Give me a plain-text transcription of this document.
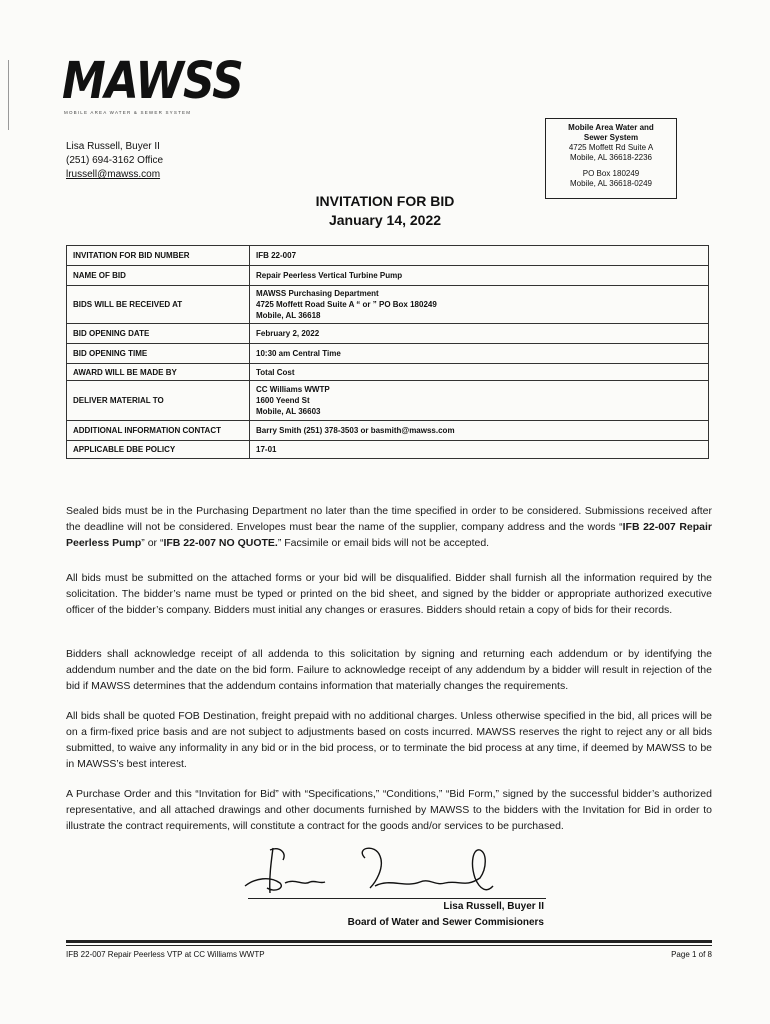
MAWSS
MOBILE AREA WATER & SEWER SYSTEM
Lisa Russell, Buyer II
(251) 694-3162 Office
lrussell@mawss.com
Mobile Area Water and
Sewer System
4725 Moffett Rd Suite A
Mobile, AL 36618-2236
PO Box 180249
Mobile, AL 36618-0249
INVITATION FOR BID
January 14, 2022
INVITATION FOR BID NUMBER	IFB 22-007

NAME OF BID	Repair Peerless Vertical Turbine Pump

BIDS WILL BE RECEIVED AT	MAWSS Purchasing Department
4725 Moffett Road Suite A “ or ” PO Box 180249
Mobile, AL 36618

BID OPENING DATE	February 2, 2022

BID OPENING TIME	10:30 am Central Time

AWARD WILL BE MADE BY	Total Cost

DELIVER MATERIAL TO	CC Williams WWTP
1600 Yeend St
Mobile, AL 36603

ADDITIONAL INFORMATION CONTACT	Barry Smith (251) 378-3503 or basmith@mawss.com

APPLICABLE DBE POLICY	17-01
Sealed bids must be in the Purchasing Department no later than the time specified in order to be considered. Submissions received after the deadline will not be considered. Envelopes must bear the name of the supplier, company address and the words “IFB 22-007 Repair Peerless Pump” or “IFB 22-007 NO QUOTE.” Facsimile or email bids will not be accepted.
All bids must be submitted on the attached forms or your bid will be disqualified. Bidder shall furnish all the information required by the solicitation. The bidder’s name must be typed or printed on the bid sheet, and signed by the bidder or appropriate authorized executive officer of the bidder’s company. Bidders must initial any changes or erasures. Bidders should retain a copy of bids for their records.
Bidders shall acknowledge receipt of all addenda to this solicitation by signing and returning each addendum or by identifying the addendum number and the date on the bid form. Failure to acknowledge receipt of any addendum by a bidder will result in rejection of the bid if MAWSS determines that the addendum contains information that materially changes the requirements.
All bids shall be quoted FOB Destination, freight prepaid with no additional charges. Unless otherwise specified in the bid, all prices will be on a firm-fixed price basis and are not subject to adjustments based on costs incurred. MAWSS reserves the right to reject any or all bids submitted, to waive any informality in any bid or in the bid process, or to terminate the bid process at any time, if deemed by MAWSS to be in MAWSS’s best interest.
A Purchase Order and this “Invitation for Bid” with “Specifications,” “Conditions,” “Bid Form,” signed by the successful bidder’s authorized representative, and all attached drawings and other documents furnished by MAWSS to the bidders with the Invitation for Bid in order to illustrate the contract requirements, will constitute a contract for the goods and/or services to be purchased.
Lisa Russell, Buyer II
Board of Water and Sewer Commisioners
IFB 22-007 Repair Peerless VTP at CC Williams WWTP	Page 1 of 8
